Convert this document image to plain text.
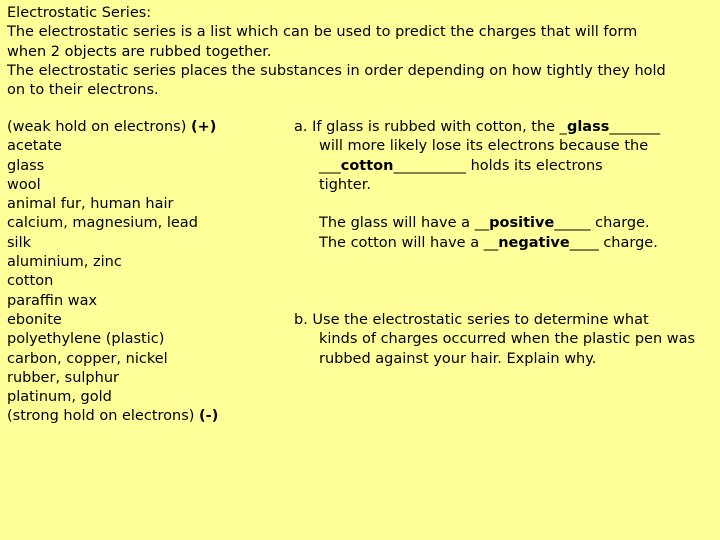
Electrostatic Series:
The electrostatic series is a list which can be used to predict the charges that will form
when 2 objects are rubbed together.
The electrostatic series places the substances in order depending on how tightly they hold
on to their electrons.
(weak hold on electrons) (+)
acetate
glass
wool
animal fur, human hair
calcium, magnesium, lead
silk
aluminium, zinc
cotton
paraffin wax
ebonite
polyethylene (plastic)
carbon, copper, nickel
rubber, sulphur
platinum, gold
(strong hold on electrons) (-)
a. If glass is rubbed with cotton, the _glass_______
will more likely lose its electrons because the
___cotton__________ holds its electrons
tighter.
The glass will have a __positive_____ charge.
The cotton will have a __negative____ charge.
b. Use the electrostatic series to determine what
kinds of charges occurred when the plastic pen was
rubbed against your hair. Explain why.
